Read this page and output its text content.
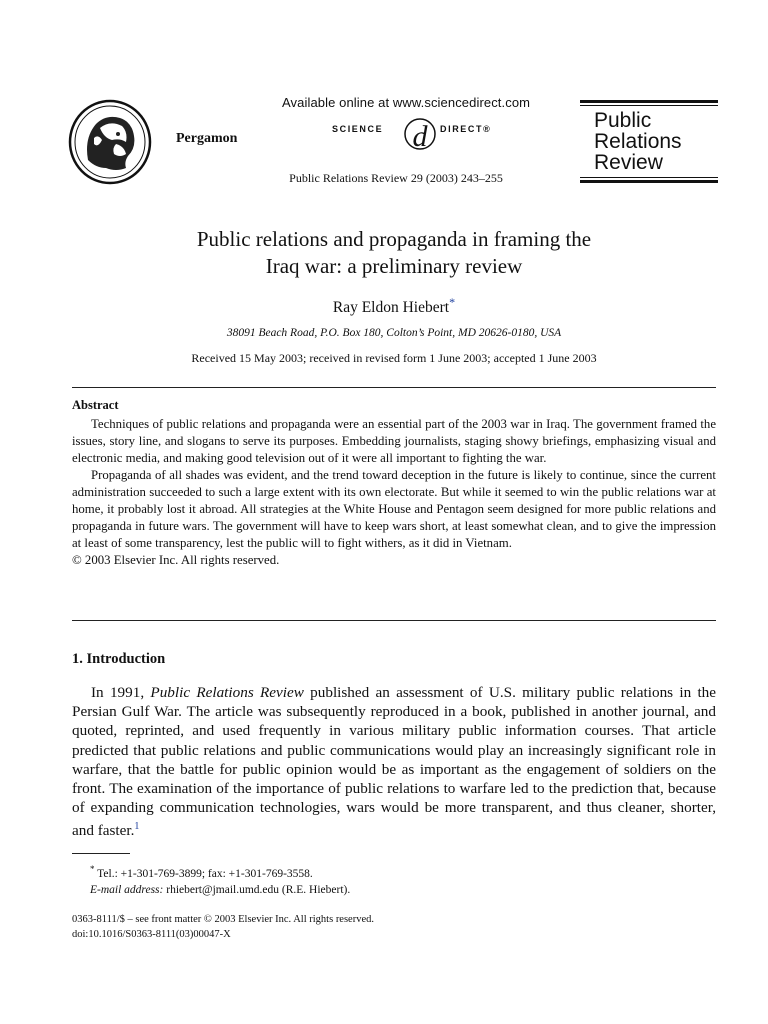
Pergamon
Available online at www.sciencedirect.com
SCIENCE d DIRECT®
Public Relations Review 29 (2003) 243–255
Public
Relations
Review
Public relations and propaganda in framing the
Iraq war: a preliminary review
Ray Eldon Hiebert*
38091 Beach Road, P.O. Box 180, Colton’s Point, MD 20626-0180, USA
Received 15 May 2003; received in revised form 1 June 2003; accepted 1 June 2003
Abstract

Techniques of public relations and propaganda were an essential part of the 2003 war in Iraq. The government framed the issues, story line, and slogans to serve its purposes. Embedding journalists, staging showy briefings, emphasizing visual and electronic media, and making good television out of it were all important to fighting the war.

Propaganda of all shades was evident, and the trend toward deception in the future is likely to continue, since the current administration succeeded to such a large extent with its own electorate. But while it seemed to win the public relations war at home, it probably lost it abroad. All strategies at the White House and Pentagon seem designed for more public relations and propaganda in future wars. The government will have to keep wars short, at least somewhat clean, and to give the impression at least of some transparency, lest the public will to fight withers, as it did in Vietnam.

© 2003 Elsevier Inc. All rights reserved.

1. Introduction

In 1991, Public Relations Review published an assessment of U.S. military public relations in the Persian Gulf War. The article was subsequently reproduced in a book, published in another journal, and quoted, reprinted, and used frequently in various military public information courses. That article predicted that public relations and public communications would play an increasingly significant role in warfare, that the battle for public opinion would be as important as the engagement of soldiers on the front. The examination of the importance of public relations to warfare led to the prediction that, because of expanding communication technologies, wars would be more transparent, and thus cleaner, shorter, and faster.$^1$

* Tel.: +1-301-769-3899; fax: +1-301-769-3558.
E-mail address: rhiebert@jmail.umd.edu (R.E. Hiebert).
0363-8111/$ – see front matter © 2003 Elsevier Inc. All rights reserved.
doi:10.1016/S0363-8111(03)00047-X
